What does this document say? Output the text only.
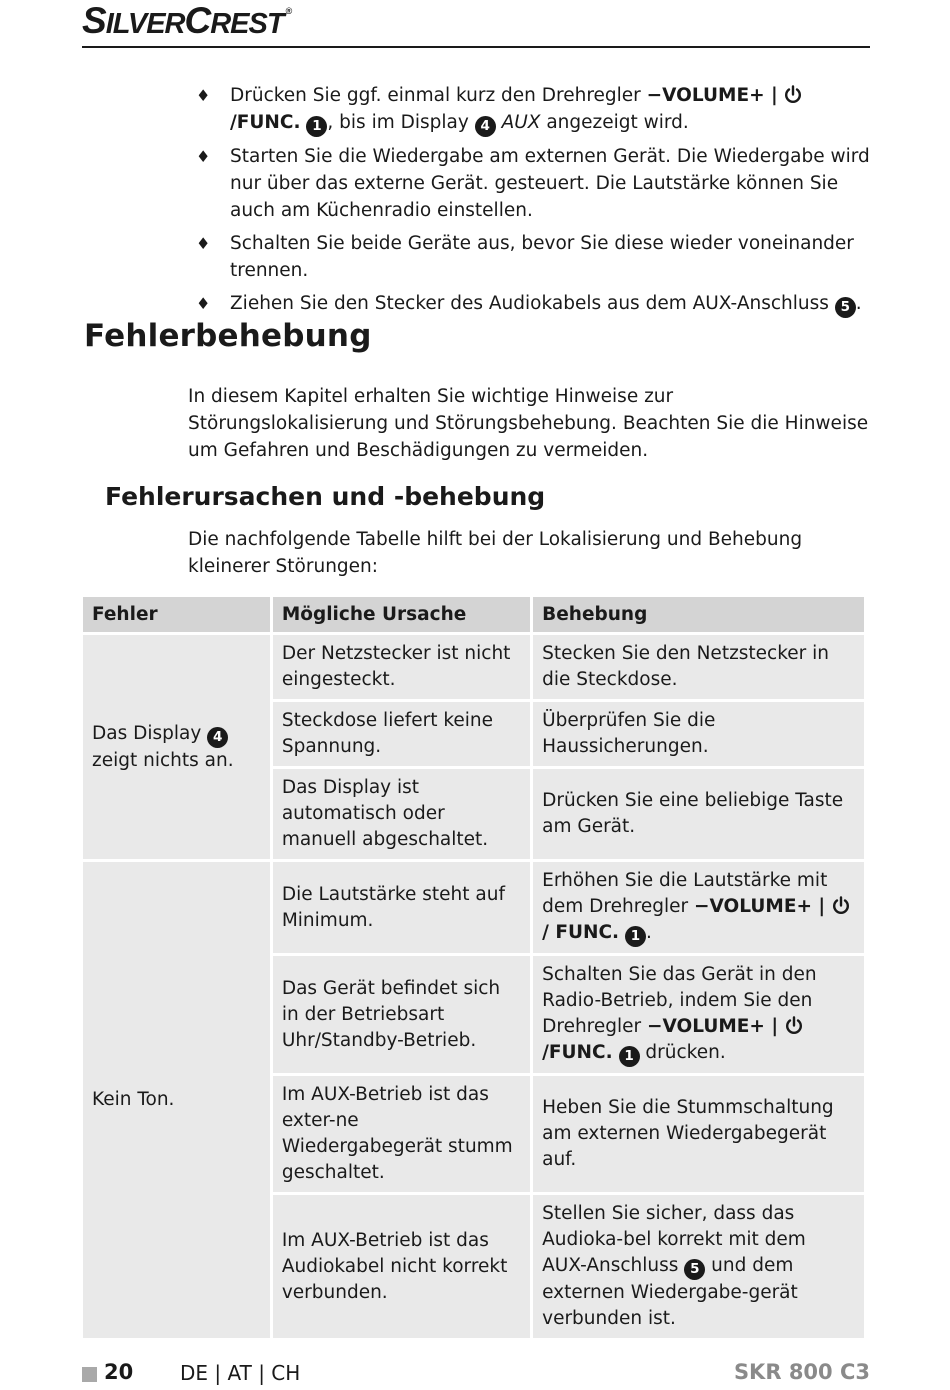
SILVERCREST ®
♦ Drücken Sie ggf. einmal kurz den Drehregler −VOLUME+ |  /FUNC. 1 , bis im Display 4 AUX angezeigt wird.
♦ Starten Sie die Wiedergabe am externen Gerät. Die Wiedergabe wird nur über das externe Gerät. gesteuert. Die Lautstärke können Sie auch am Küchenradio einstellen.
♦ Schalten Sie beide Geräte aus, bevor Sie diese wieder voneinander trennen.
♦ Ziehen Sie den Stecker des Audiokabels aus dem AUX-Anschluss 5 .
Fehlerbehebung

In diesem Kapitel erhalten Sie wichtige Hinweise zur Störungslokalisierung und Störungsbehebung. Beachten Sie die Hinweise um Gefahren und Beschädigungen zu vermeiden.

Fehlerursachen und -behebung

Die nachfolgende Tabelle hilft bei der Lokalisierung und Behebung kleinerer Störungen:

Fehler	Mögliche Ursache	Behebung
Das Display 4 zeigt nichts an.	Der Netzstecker ist nicht eingesteckt.	Stecken Sie den Netzstecker in die Steckdose.
	Steckdose liefert keine Spannung.	Überprüfen Sie die Haussicherungen.
	Das Display ist automatisch oder manuell abgeschaltet.	Drücken Sie eine beliebige Taste am Gerät.
Kein Ton.	Die Lautstärke steht auf Minimum.	Erhöhen Sie die Lautstärke mit dem Drehregler −VOLUME+ |  / FUNC. 1 .
	Das Gerät befindet sich in der Betriebsart Uhr/Standby-Betrieb.	Schalten Sie das Gerät in den Radio-Betrieb, indem Sie den Drehregler −VOLUME+ |  /FUNC. 1 drücken.
	Im AUX-Betrieb ist das exter-ne Wiedergabegerät stumm geschaltet.	Heben Sie die Stummschaltung am externen Wiedergabegerät auf.
	Im AUX-Betrieb ist das Audiokabel nicht korrekt verbunden.	Stellen Sie sicher, dass das Audioka-bel korrekt mit dem AUX-Anschluss 5 und dem externen Wiedergabe-gerät verbunden ist.
20 DE | AT | CH	SKR 800 C3
